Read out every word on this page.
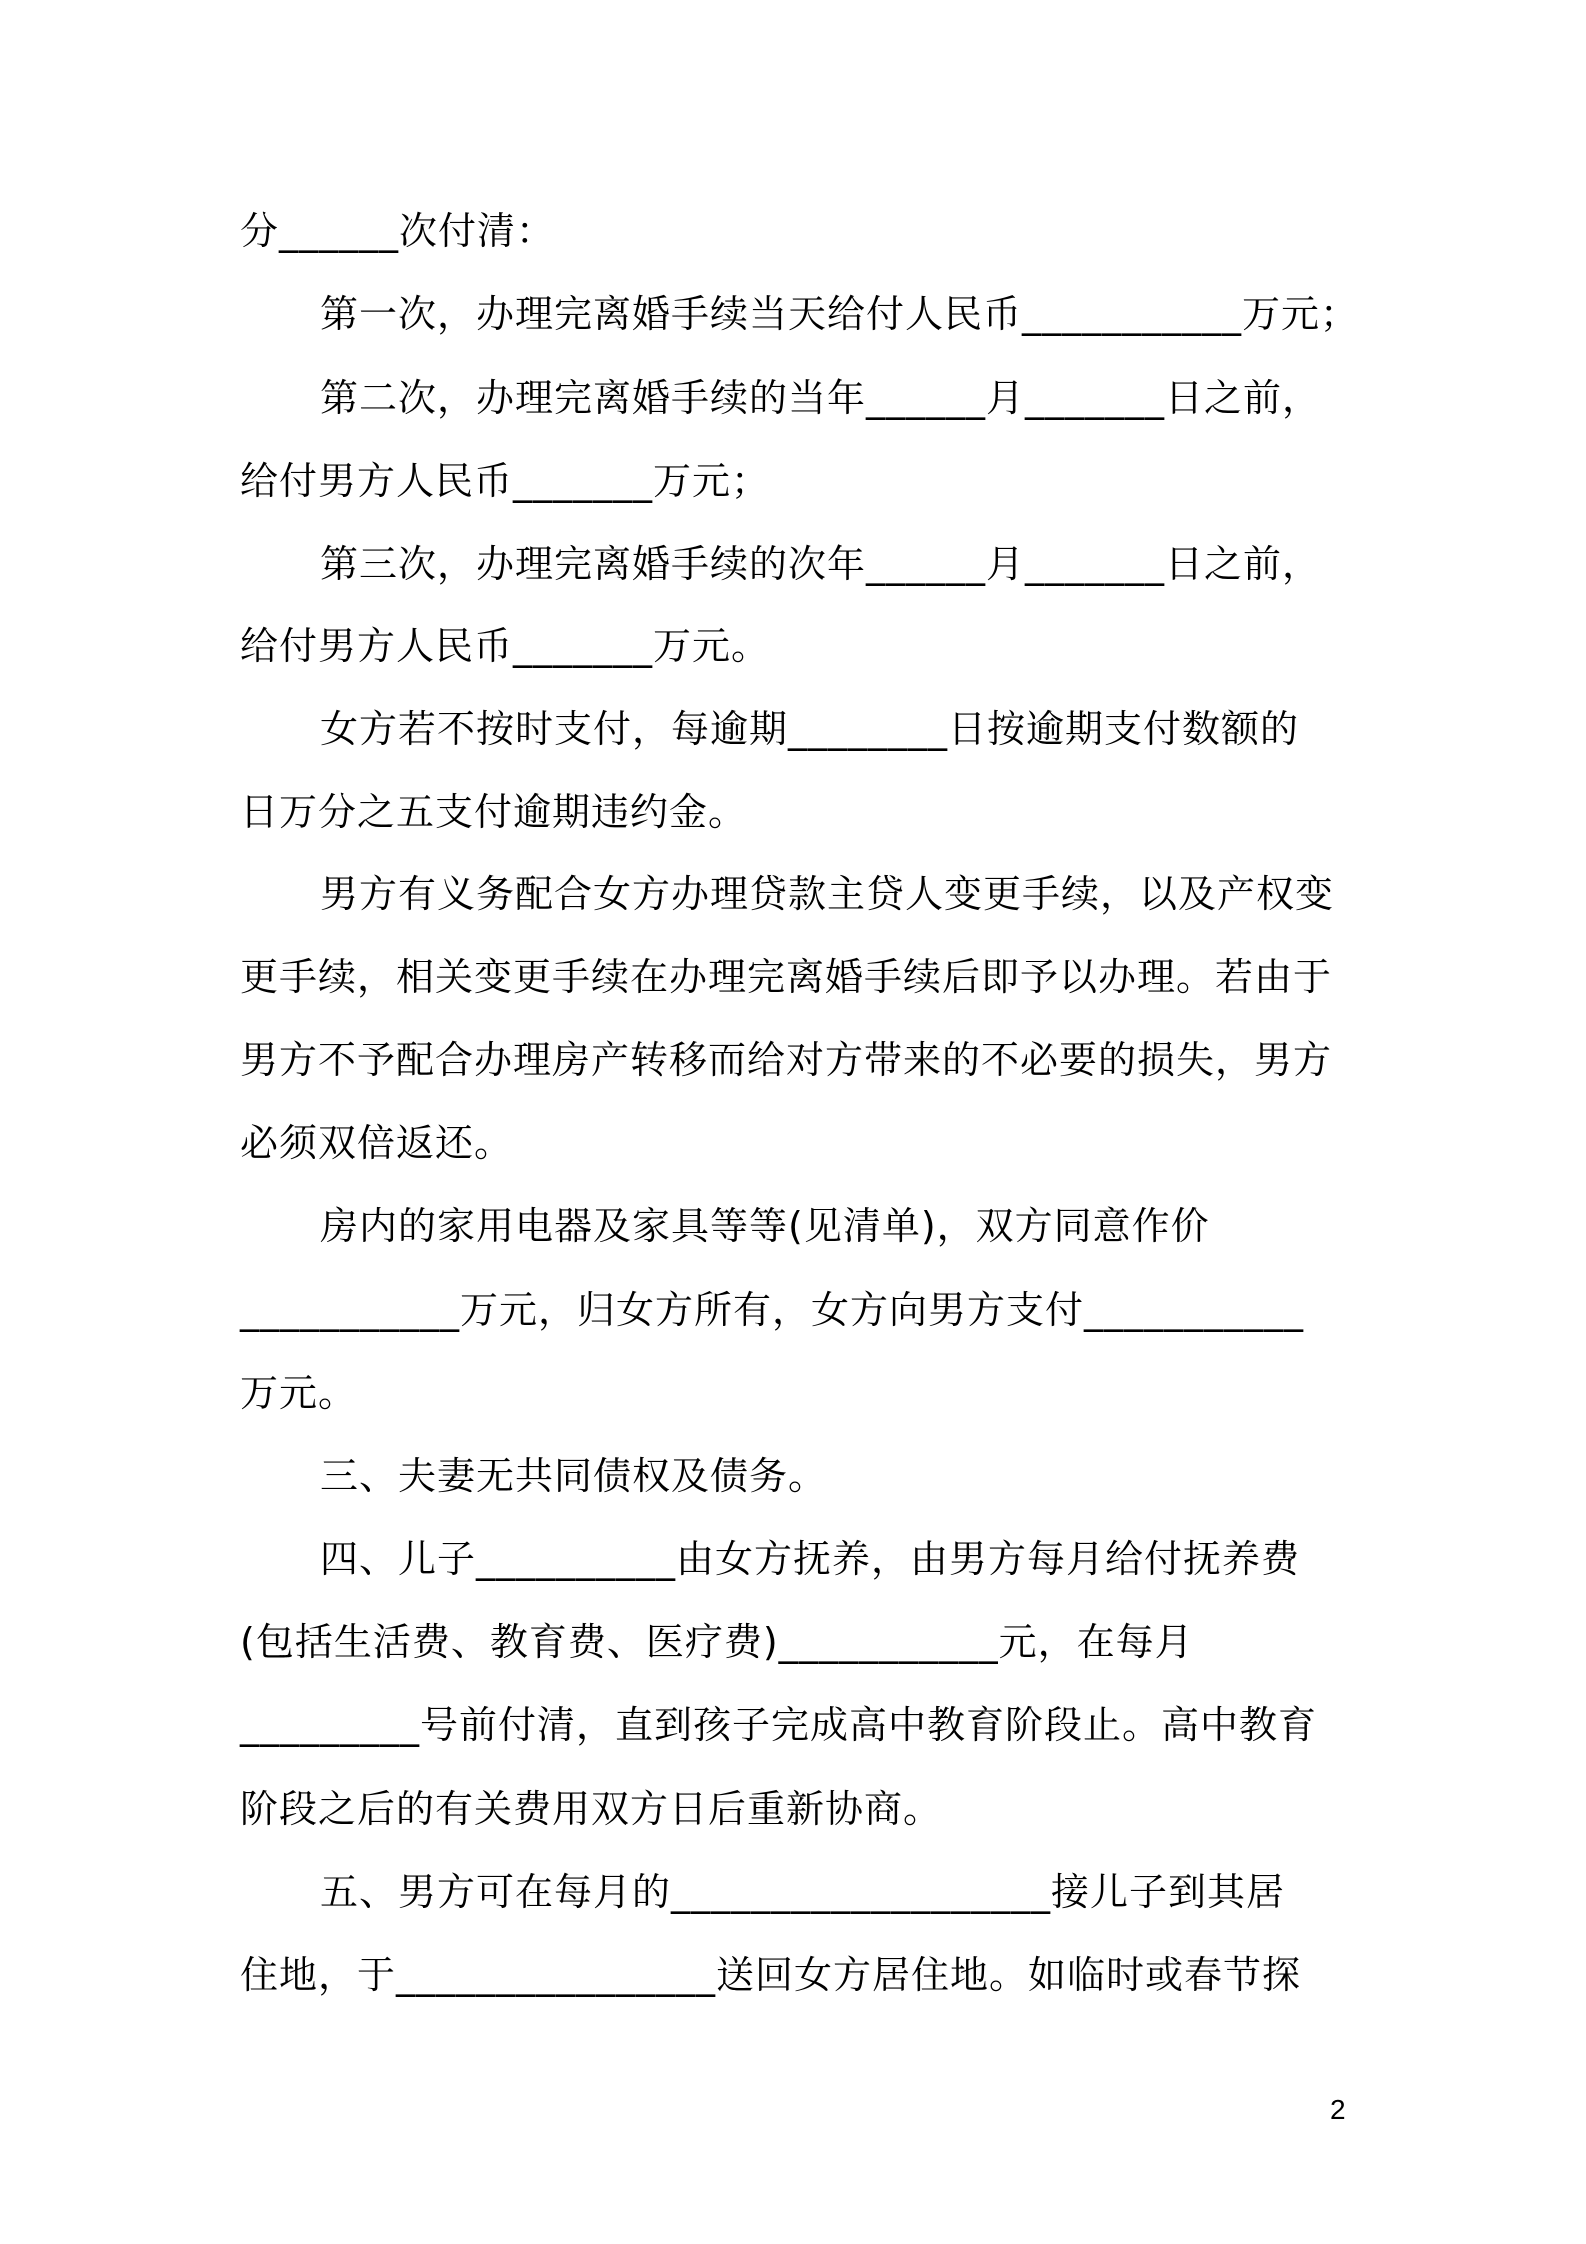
分______次付清：
第一次，办理完离婚手续当天给付人民币___________万元；
第二次，办理完离婚手续的当年______月_______日之前，
给付男方人民币_______万元；
第三次，办理完离婚手续的次年______月_______日之前，
给付男方人民币_______万元。
女方若不按时支付，每逾期________日按逾期支付数额的
日万分之五支付逾期违约金。
男方有义务配合女方办理贷款主贷人变更手续，以及产权变
更手续，相关变更手续在办理完离婚手续后即予以办理。若由于
男方不予配合办理房产转移而给对方带来的不必要的损失，男方
必须双倍返还。
房内的家用电器及家具等等(见清单)，双方同意作价
___________万元，归女方所有，女方向男方支付___________
万元。
三、夫妻无共同债权及债务。
四、儿子__________由女方抚养，由男方每月给付抚养费
(包括生活费、教育费、医疗费)___________元，在每月
_________号前付清，直到孩子完成高中教育阶段止。高中教育
阶段之后的有关费用双方日后重新协商。
五、男方可在每月的___________________接儿子到其居
住地，于________________送回女方居住地。如临时或春节探
2
